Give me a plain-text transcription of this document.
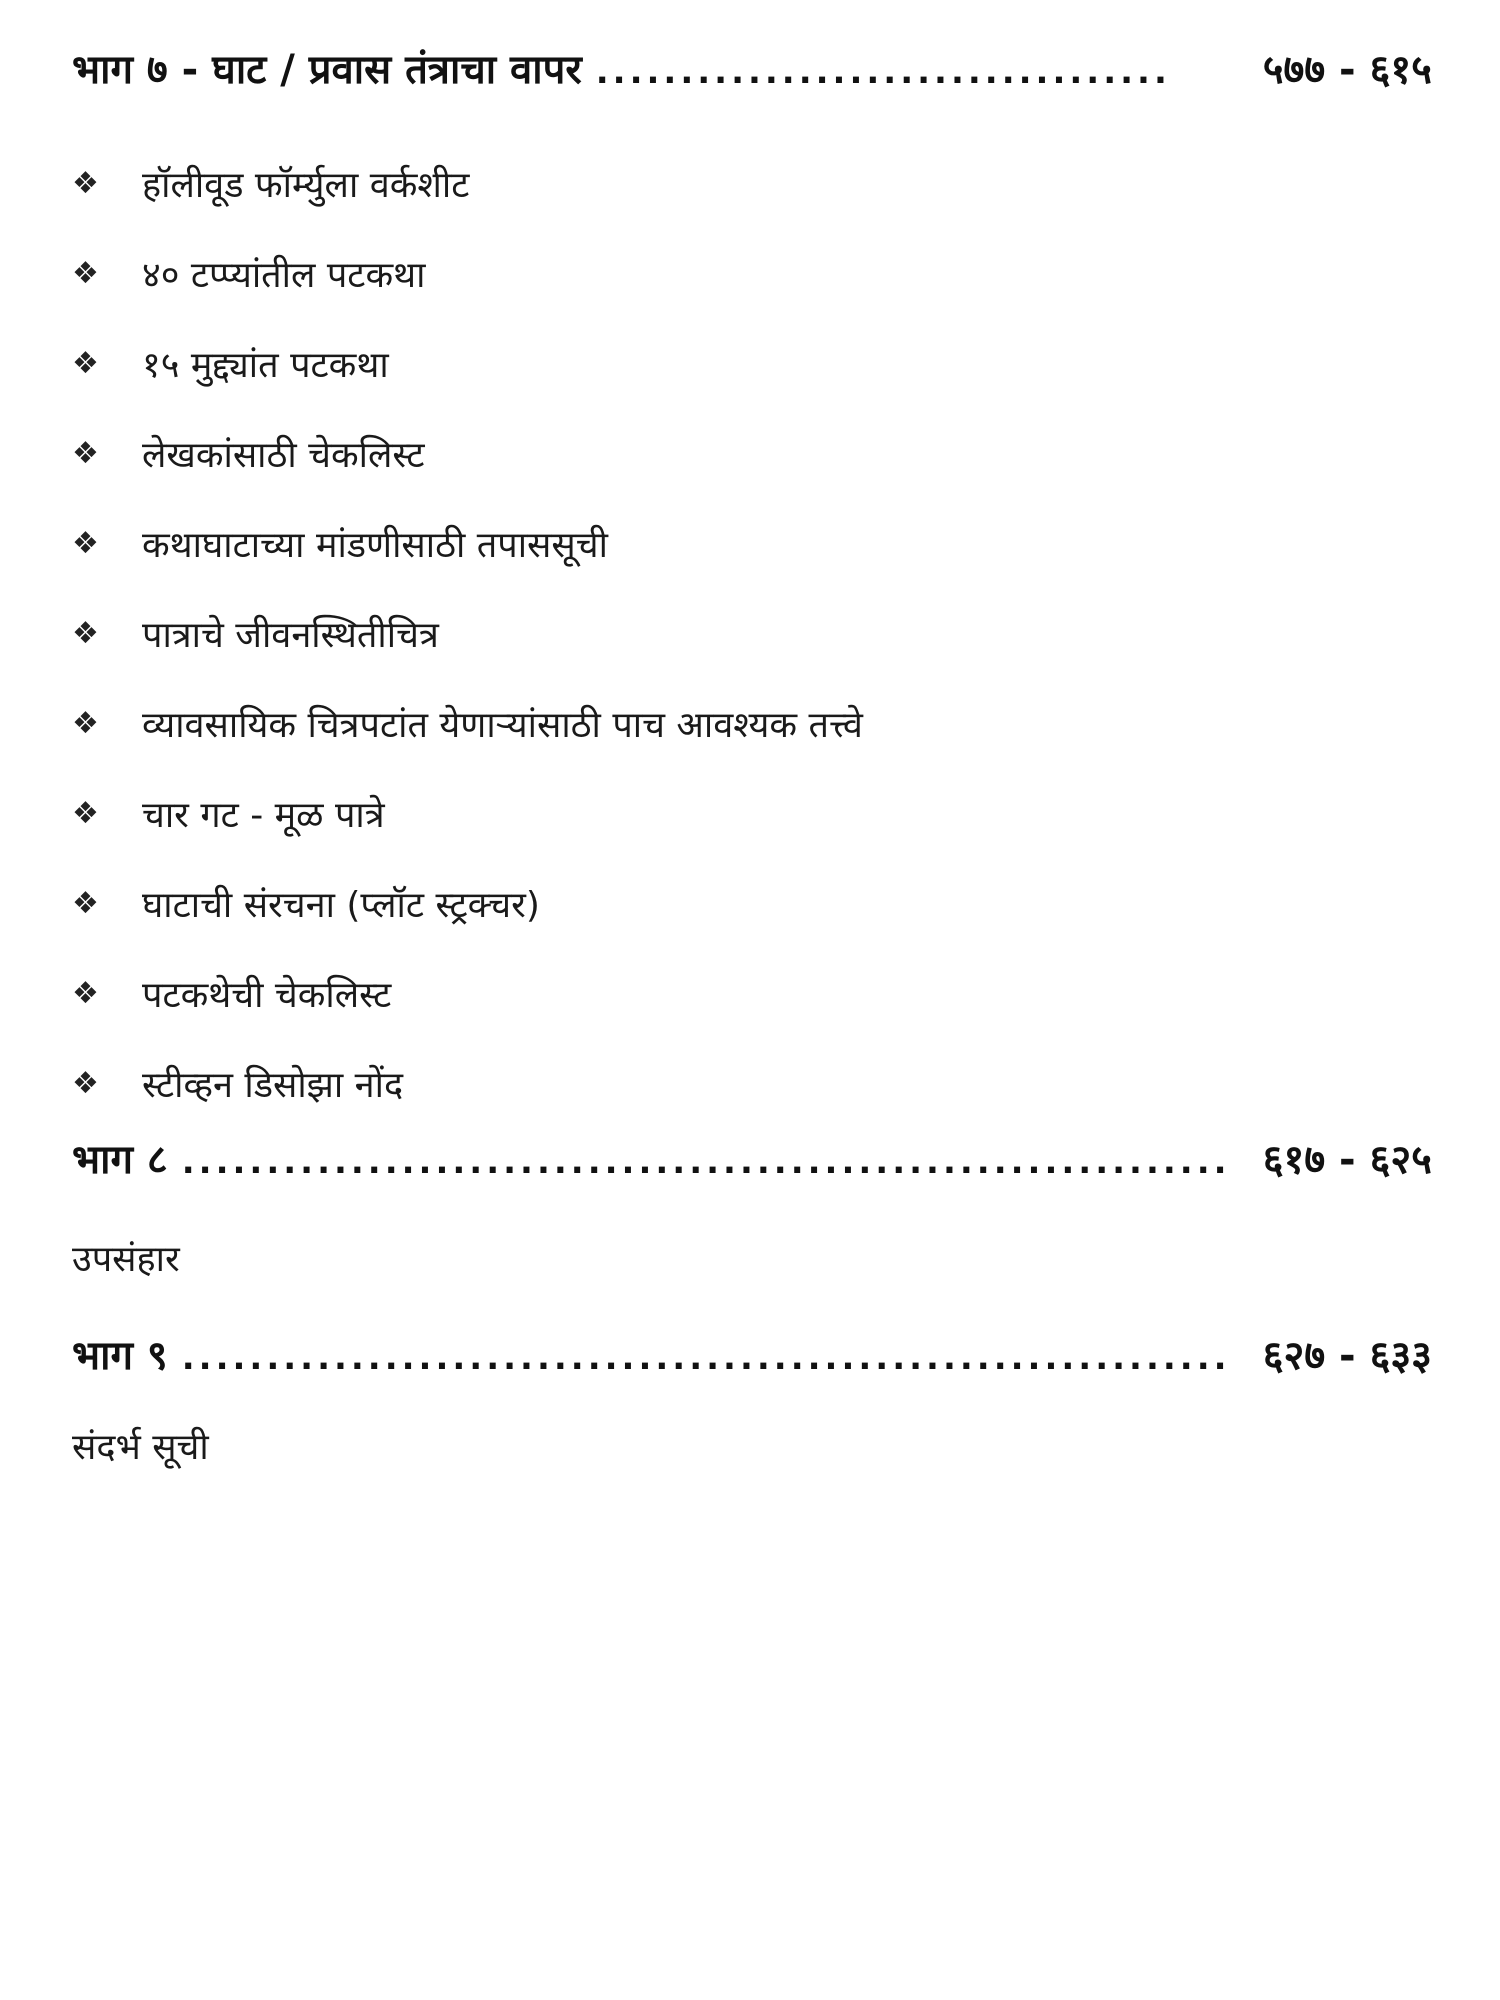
भाग ७ - घाट / प्रवास तंत्राचा वापर ..................................	५७७ - ६१५
❖	हॉलीवूड फॉर्म्युला वर्कशीट
❖	४० टप्प्यांतील पटकथा
❖	१५ मुद्द्यांत पटकथा
❖	लेखकांसाठी चेकलिस्ट
❖	कथाघाटाच्या मांडणीसाठी तपाससूची
❖	पात्राचे जीवनस्थितीचित्र
❖	व्यावसायिक चित्रपटांत येणाऱ्यांसाठी पाच आवश्यक तत्त्वे
❖	चार गट - मूळ पात्रे
❖	घाटाची संरचना (प्लॉट स्ट्रक्चर)
❖	पटकथेची चेकलिस्ट
❖	स्टीव्हन डिसोझा नोंद
भाग ८ .............................................................. ६१७ - ६२५
उपसंहार
भाग ९ .............................................................. ६२७ - ६३३
संदर्भ सूची
